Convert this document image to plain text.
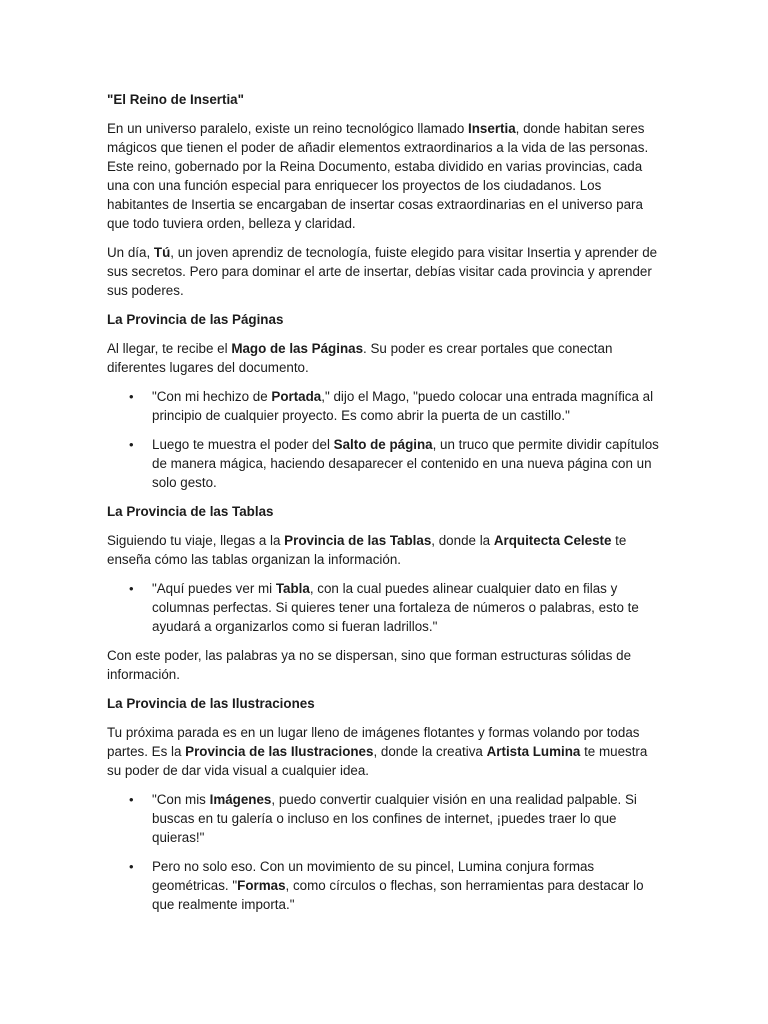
"El Reino de Insertia"

En un universo paralelo, existe un reino tecnológico llamado Insertia, donde habitan seres mágicos que tienen el poder de añadir elementos extraordinarios a la vida de las personas. Este reino, gobernado por la Reina Documento, estaba dividido en varias provincias, cada una con una función especial para enriquecer los proyectos de los ciudadanos. Los habitantes de Insertia se encargaban de insertar cosas extraordinarias en el universo para que todo tuviera orden, belleza y claridad.

Un día, Tú, un joven aprendiz de tecnología, fuiste elegido para visitar Insertia y aprender de sus secretos. Pero para dominar el arte de insertar, debías visitar cada provincia y aprender sus poderes.

La Provincia de las Páginas

Al llegar, te recibe el Mago de las Páginas. Su poder es crear portales que conectan diferentes lugares del documento.

• "Con mi hechizo de Portada," dijo el Mago, "puedo colocar una entrada magnífica al principio de cualquier proyecto. Es como abrir la puerta de un castillo."
• Luego te muestra el poder del Salto de página, un truco que permite dividir capítulos de manera mágica, haciendo desaparecer el contenido en una nueva página con un solo gesto.

La Provincia de las Tablas

Siguiendo tu viaje, llegas a la Provincia de las Tablas, donde la Arquitecta Celeste te enseña cómo las tablas organizan la información.

• "Aquí puedes ver mi Tabla, con la cual puedes alinear cualquier dato en filas y columnas perfectas. Si quieres tener una fortaleza de números o palabras, esto te ayudará a organizarlos como si fueran ladrillos."

Con este poder, las palabras ya no se dispersan, sino que forman estructuras sólidas de información.

La Provincia de las Ilustraciones

Tu próxima parada es en un lugar lleno de imágenes flotantes y formas volando por todas partes. Es la Provincia de las Ilustraciones, donde la creativa Artista Lumina te muestra su poder de dar vida visual a cualquier idea.

• "Con mis Imágenes, puedo convertir cualquier visión en una realidad palpable. Si buscas en tu galería o incluso en los confines de internet, ¡puedes traer lo que quieras!"
• Pero no solo eso. Con un movimiento de su pincel, Lumina conjura formas geométricas. "Formas, como círculos o flechas, son herramientas para destacar lo que realmente importa."
